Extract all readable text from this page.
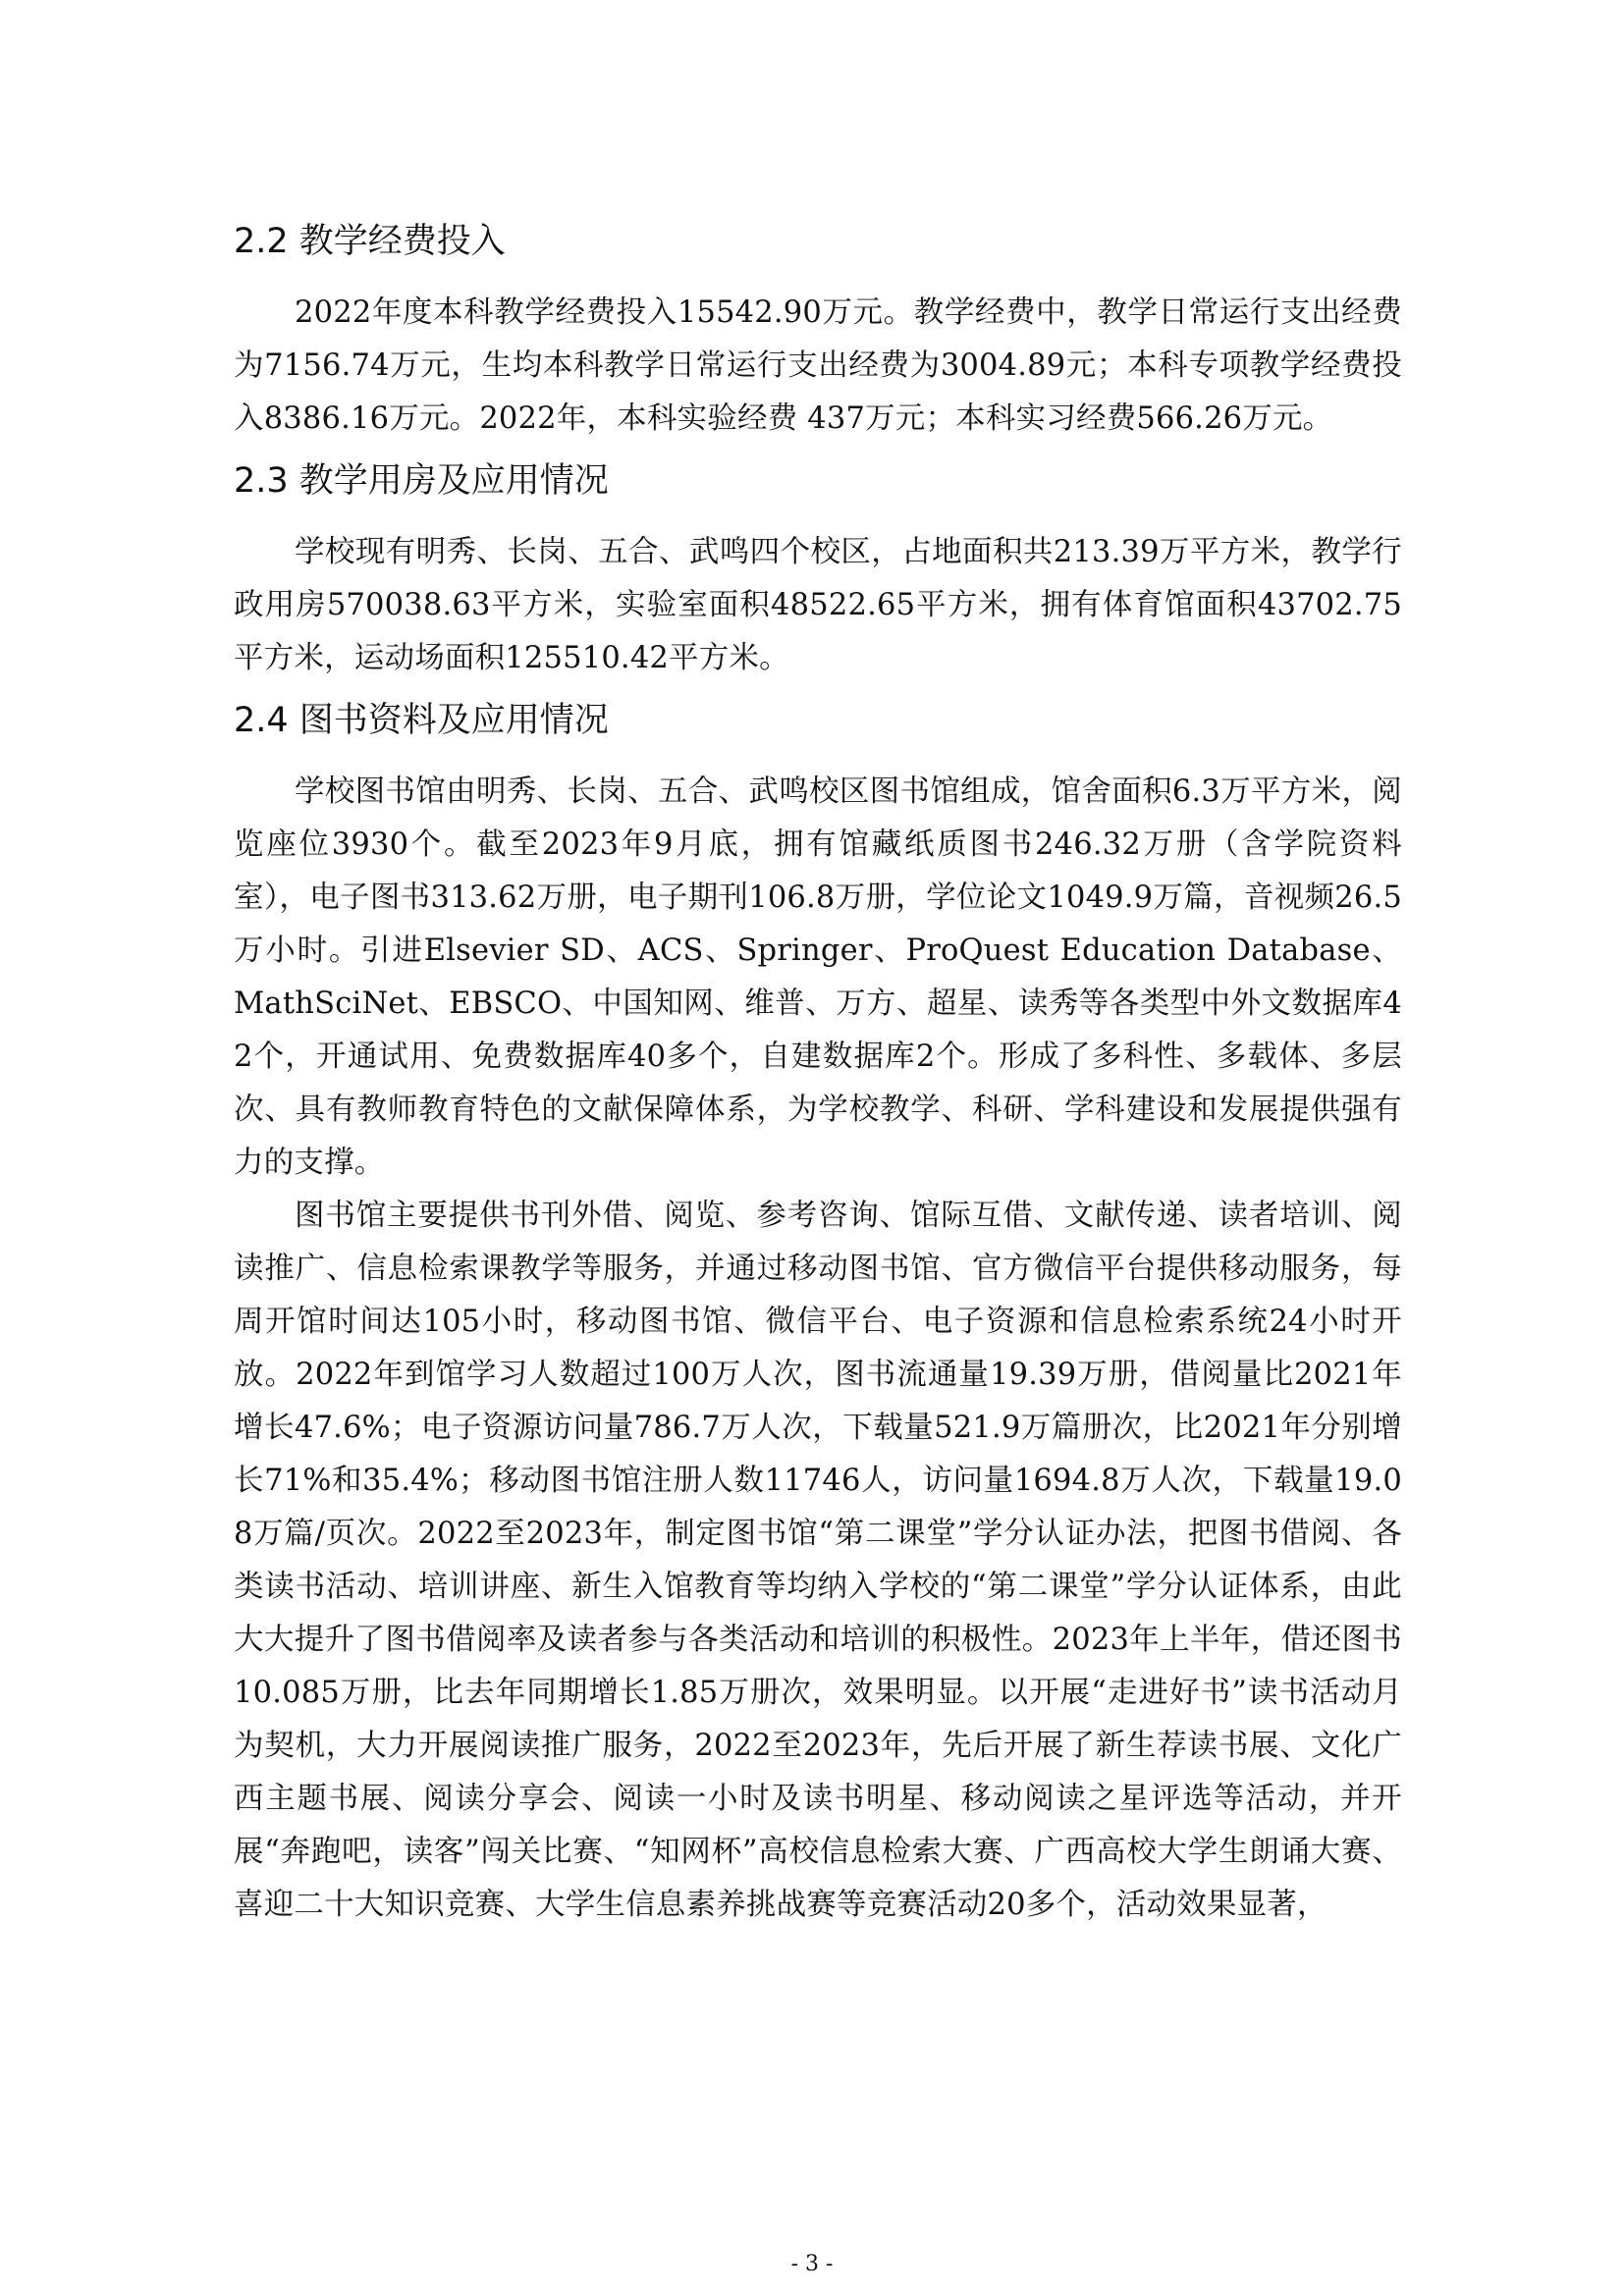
2.2 教学经费投入

2022年度本科教学经费投入15542.90万元。教学经费中，教学日常运行支出经费为7156.74万元，生均本科教学日常运行支出经费为3004.89元；本科专项教学经费投入8386.16万元。2022年，本科实验经费 437万元；本科实习经费566.26万元。

2.3 教学用房及应用情况

学校现有明秀、长岗、五合、武鸣四个校区，占地面积共213.39万平方米，教学行政用房570038.63平方米，实验室面积48522.65平方米，拥有体育馆面积43702.75平方米，运动场面积125510.42平方米。

2.4 图书资料及应用情况

学校图书馆由明秀、长岗、五合、武鸣校区图书馆组成，馆舍面积6.3万平方米，阅览座位3930个。截至2023年9月底，拥有馆藏纸质图书246.32万册（含学院资料室），电子图书313.62万册，电子期刊106.8万册，学位论文1049.9万篇，音视频26.5万小时。引进Elsevier SD、ACS、Springer、ProQuest Education Database、MathSciNet、EBSCO、中国知网、维普、万方、超星、读秀等各类型中外文数据库42个，开通试用、免费数据库40多个，自建数据库2个。形成了多科性、多载体、多层次、具有教师教育特色的文献保障体系，为学校教学、科研、学科建设和发展提供强有力的支撑。

图书馆主要提供书刊外借、阅览、参考咨询、馆际互借、文献传递、读者培训、阅读推广、信息检索课教学等服务，并通过移动图书馆、官方微信平台提供移动服务，每周开馆时间达105小时，移动图书馆、微信平台、电子资源和信息检索系统24小时开放。2022年到馆学习人数超过100万人次，图书流通量19.39万册，借阅量比2021年增长47.6%；电子资源访问量786.7万人次，下载量521.9万篇册次，比2021年分别增长71%和35.4%；移动图书馆注册人数11746人，访问量1694.8万人次，下载量19.08万篇/页次。2022至2023年，制定图书馆“第二课堂”学分认证办法，把图书借阅、各类读书活动、培训讲座、新生入馆教育等均纳入学校的“第二课堂”学分认证体系，由此大大提升了图书借阅率及读者参与各类活动和培训的积极性。2023年上半年，借还图书10.085万册，比去年同期增长1.85万册次，效果明显。以开展“走进好书”读书活动月为契机，大力开展阅读推广服务，2022至2023年，先后开展了新生荐读书展、文化广西主题书展、阅读分享会、阅读一小时及读书明星、移动阅读之星评选等活动，并开展“奔跑吧，读客”闯关比赛、“知网杯”高校信息检索大赛、广西高校大学生朗诵大赛、喜迎二十大知识竞赛、大学生信息素养挑战赛等竞赛活动20多个，活动效果显著，

- 3 -
